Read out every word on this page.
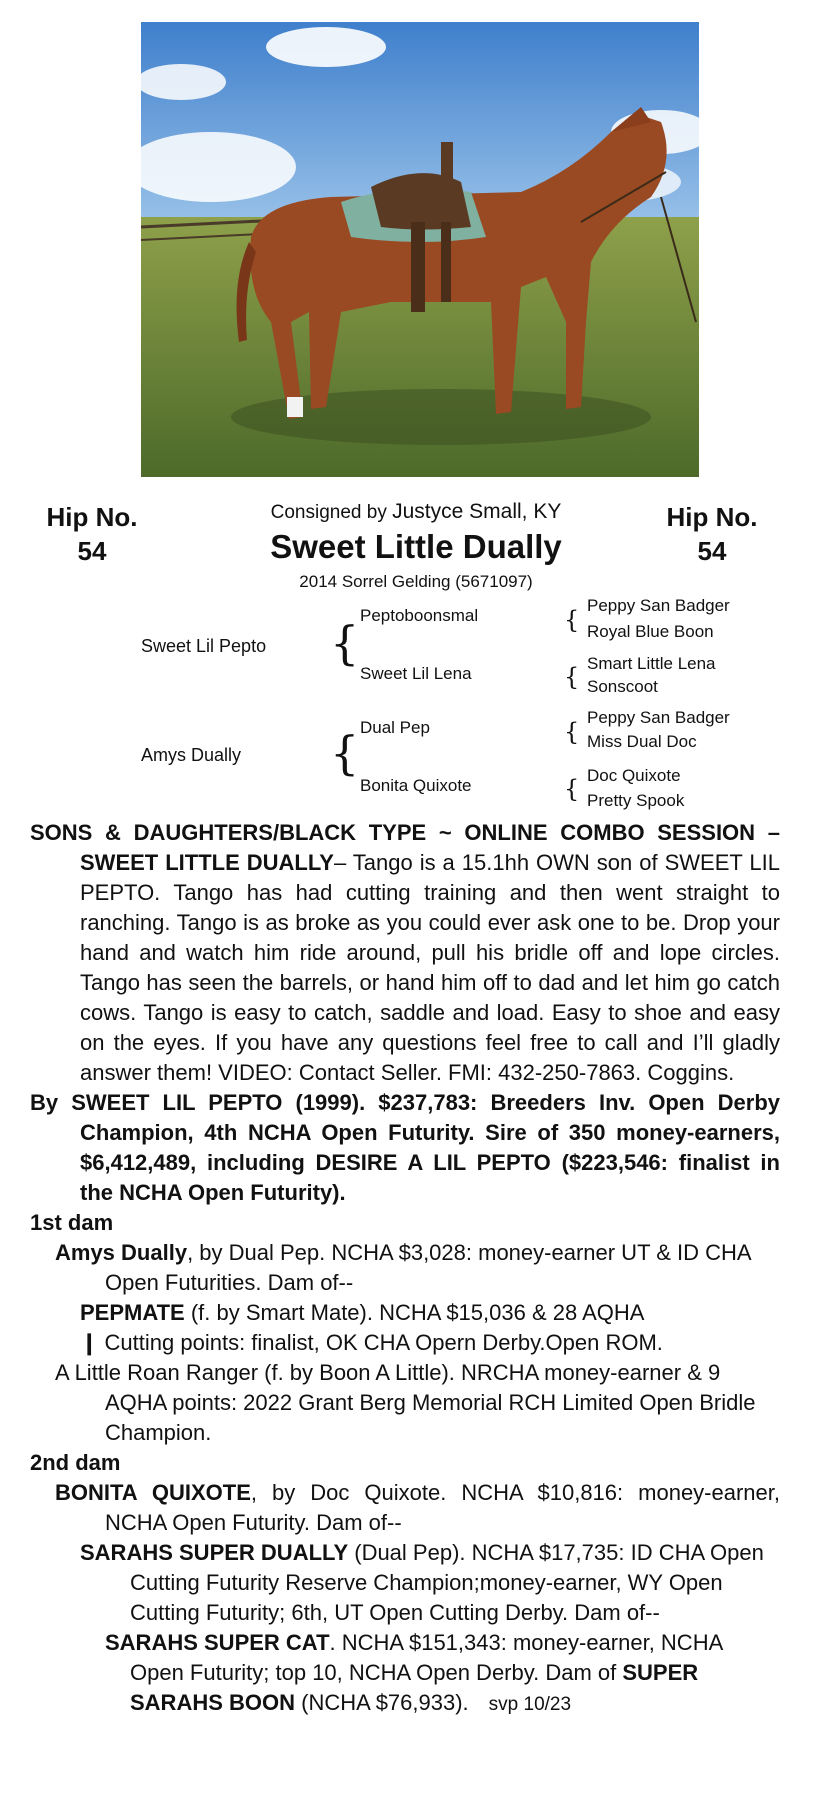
Hip No.
54
Hip No.
54
Consigned by Justyce Small, KY
Sweet Little Dually
2014 Sorrel Gelding (5671097)
Sweet Lil Pepto {
Peptoboonsmal
Sweet Lil Lena
{
Peppy San Badger
Royal Blue Boon
{ Smart Little Lena
Sonscoot
Amys Dually { Dual Pep
Bonita Quixote
{
Peppy San Badger
Miss Dual Doc
{ Doc Quixote
Pretty Spook

SONS & DAUGHTERS/BLACK TYPE ~ ONLINE COMBO SESSION – SWEET LITTLE DUALLY– Tango is a 15.1hh OWN son of SWEET LIL PEPTO. Tango has had cutting training and then went straight to ranching. Tango is as broke as you could ever ask one to be. Drop your hand and watch him ride around, pull his bridle off and lope circles. Tango has seen the barrels, or hand him off to dad and let him go catch cows. Tango is easy to catch, saddle and load. Easy to shoe and easy on the eyes. If you have any questions feel free to call and I’ll gladly answer them! VIDEO: Contact Seller. FMI: 432-250-7863. Coggins.

By SWEET LIL PEPTO (1999). $237,783: Breeders Inv. Open Derby Champion, 4th NCHA Open Futurity. Sire of 350 money-earners, $6,412,489, including DESIRE A LIL PEPTO ($223,546: finalist in the NCHA Open Futurity).

1st dam

Amys Dually, by Dual Pep. NCHA $3,028: money-earner UT & ID CHA Open Futurities. Dam of--

PEPMATE (f. by Smart Mate). NCHA $15,036 & 28 AQHA

❙ Cutting points: finalist, OK CHA Opern Derby.Open ROM.

A Little Roan Ranger (f. by Boon A Little). NRCHA money-earner & 9 AQHA points: 2022 Grant Berg Memorial RCH Limited Open Bridle Champion.

2nd dam

BONITA QUIXOTE, by Doc Quixote. NCHA $10,816: money-earner, NCHA Open Futurity. Dam of--

SARAHS SUPER DUALLY (Dual Pep). NCHA $17,735: ID CHA Open Cutting Futurity Reserve Champion;money-earner, WY Open Cutting Futurity; 6th, UT Open Cutting Derby. Dam of--

SARAHS SUPER CAT. NCHA $151,343: money-earner, NCHA Open Futurity; top 10, NCHA Open Derby. Dam of SUPER SARAHS BOON (NCHA $76,933). svp 10/23
